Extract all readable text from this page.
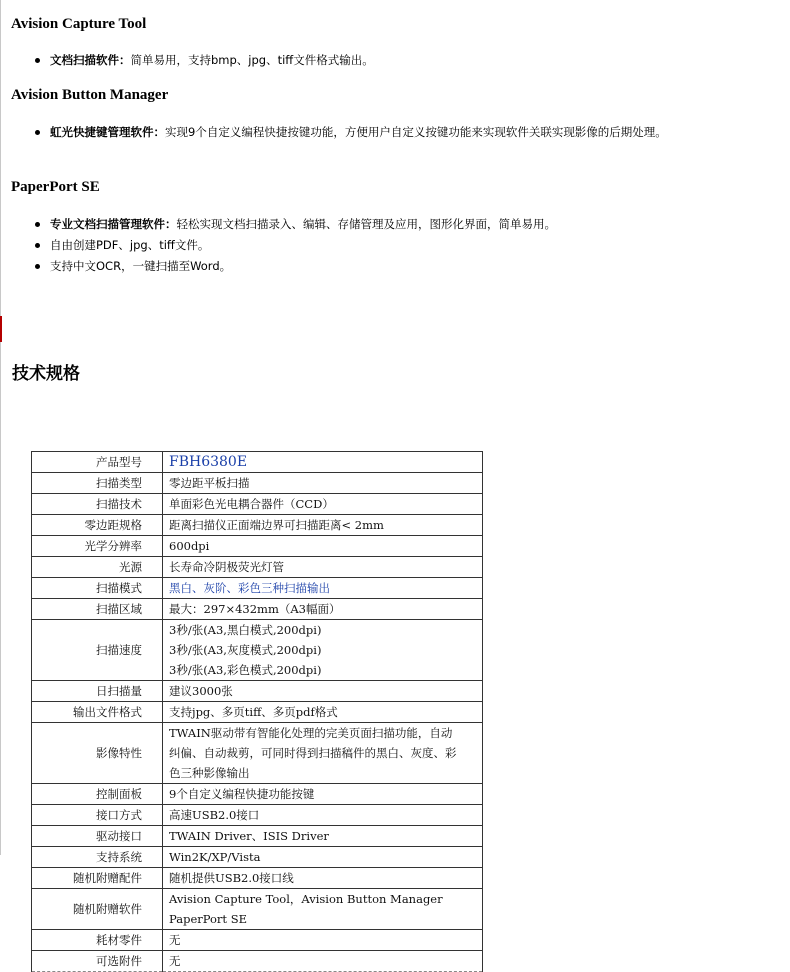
Avision Capture Tool
文档扫描软件：简单易用，支持bmp、jpg、tiff文件格式输出。
Avision Button Manager
虹光快捷键管理软件：实现9个自定义编程快捷按键功能，方便用户自定义按键功能来实现软件关联实现影像的后期处理。
PaperPort SE
专业文档扫描管理软件：轻松实现文档扫描录入、编辑、存储管理及应用，图形化界面，简单易用。
自由创建PDF、jpg、tiff文件。
支持中文OCR，一键扫描至Word。
技术规格
产品型号	FBH6380E
扫描类型	零边距平板扫描
扫描技术	单面彩色光电耦合器件（CCD）
零边距规格	距离扫描仪正面端边界可扫描距离< 2mm
光学分辨率	600dpi
光源	长寿命冷阴极荧光灯管
扫描模式	黑白、灰阶、彩色三种扫描输出
扫描区域	最大：297×432mm（A3幅面）
扫描速度	3秒/张(A3,黑白模式,200dpi)
3秒/张(A3,灰度模式,200dpi)
3秒/张(A3,彩色模式,200dpi)

日扫描量	建议3000张
输出文件格式	支持jpg、多页tiff、多页pdf格式
影像特性	TWAIN驱动带有智能化处理的完美页面扫描功能，自动
纠偏、自动裁剪，可同时得到扫描稿件的黑白、灰度、彩
色三种影像输出

控制面板	9个自定义编程快捷功能按键
接口方式	高速USB2.0接口
驱动接口	TWAIN Driver、ISIS Driver
支持系统	Win2K/XP/Vista
随机附赠配件	随机提供USB2.0接口线
随机附赠软件	Avision Capture Tool，Avision Button Manager
PaperPort SE

耗材零件	无
可选附件	无
